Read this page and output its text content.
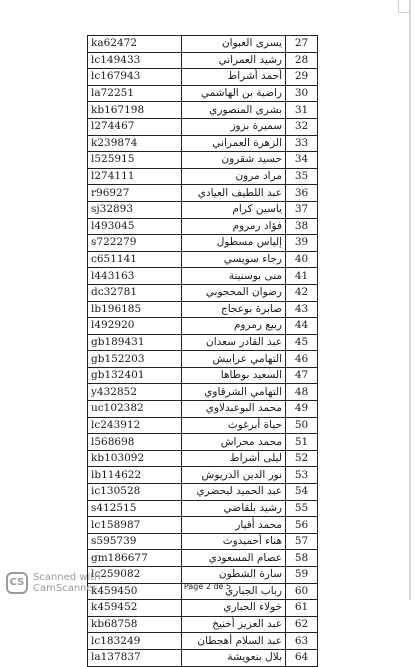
ka62472	يسرى العبوان	27
lc149433	رشيد العمراني	28
lc167943	أحمد أشراط	29
la72251	راضية بن الهاشمي	30
kb167198	بشرى المنصوري	31
l274467	سميرة بزوز	32
k239874	الزهرة العمراني	33
l525915	حسيد شقرون	34
l274111	مراد مرون	35
r96927	عبد اللطيف العيادي	36
sj32893	ياسين كرام	37
l493045	فؤاد رمروم	38
s722279	إلياس مسطول	39
c651141	رجاء سويسي	40
l443163	منى بوسنينة	41
dc32781	رضوان المحجوبي	42
lb196185	صابرة بوعجاج	43
l492920	ربيع رمروم	44
gb189431	عبد القادر سعدان	45
gb152203	التهامي عرابيش	46
gb132401	السعيد بوطاها	47
y432852	التهامي الشرقاوي	48
uc102382	محمد البوعبدلاوي	49
lc243912	حياة أبرغوث	50
l568698	محمد محراش	51
kb103092	ليلى أشراط	52
lb114622	نور الدين الدريوش	53
ic130528	عبد الحميد لبحضري	54
s412515	رشيد بلقاضي	55
lc158987	محمد أقيار	56
s595739	هناء أحميدوث	57
gm186677	عصام المسعودي	58
lc259082	سارة الشطون	59
k459450	رباب الجباري	60
k459452	خولاء الجباري	61
kb68758	عبد العزيز أخنيخ	62
lc183249	عبد السلام أهجطان	63
la137837	بلال بنعويشة	64
CS Scanned with
CamScanner	Page 2 de 5
